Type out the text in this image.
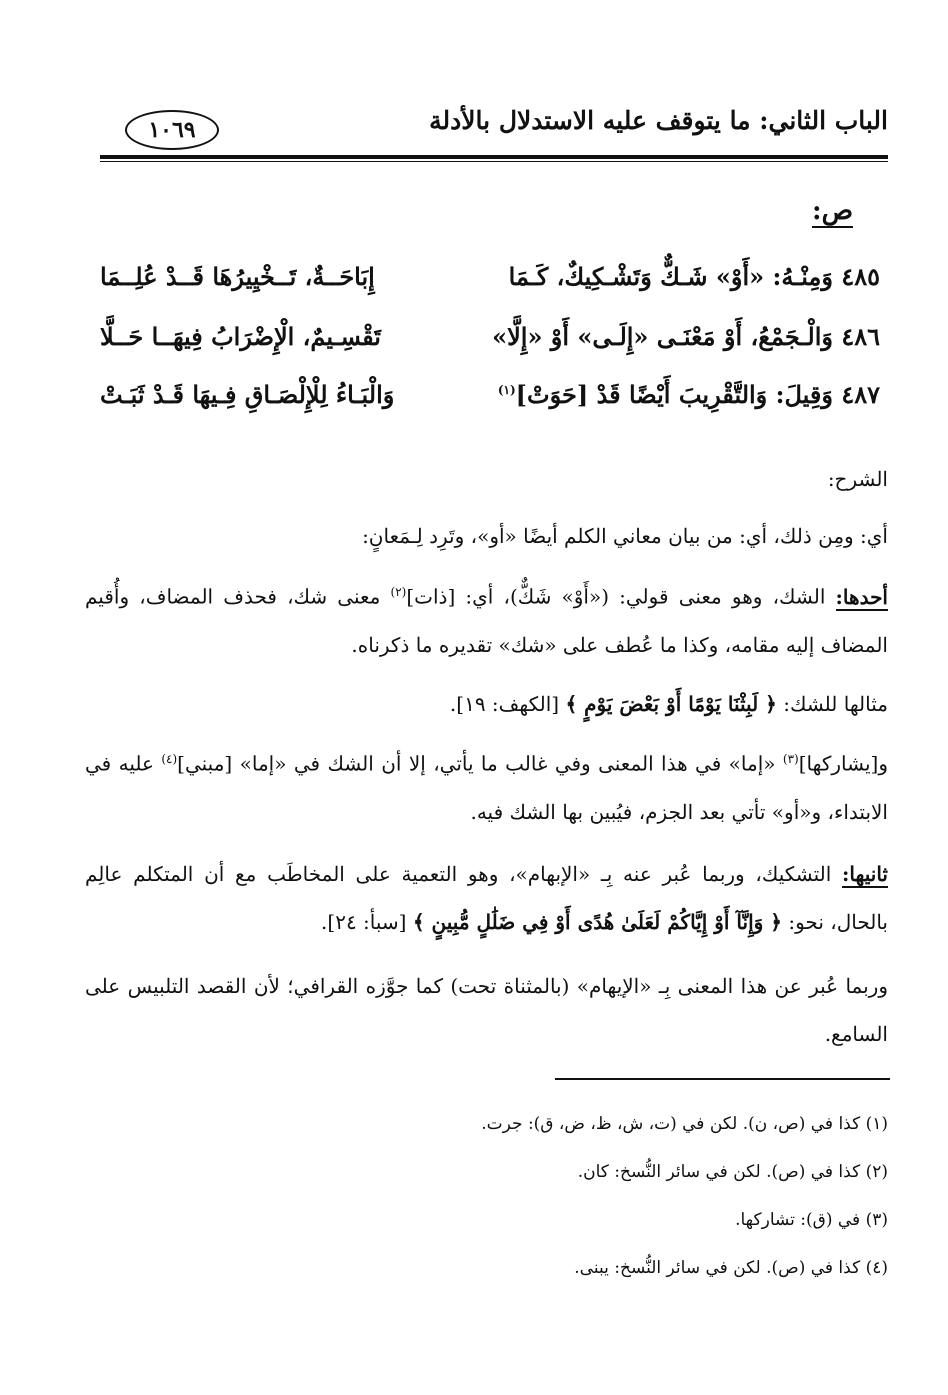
الباب الثاني: ما يتوقف عليه الاستدلال بالأدلة
١٠٦٩
ص:
٤٨٥ وَمِنْـهُ: «أَوْ» شَـكٌّ وَتَشْـكِيكٌ، كَـمَا
إِبَاحَــةٌ، تَــخْيِيرُهَا قَــدْ عُلِــمَا
٤٨٦ وَالْـجَمْعُ، أَوْ مَعْنَـى «إِلَـى» أَوْ «إِلَّا»
تَقْسِـيمٌ، الْإِضْرَابُ فِيهَــا حَــلَّا
٤٨٧ وَقِيلَ: وَالتَّقْرِيبَ أَيْضًا قَدْ [حَوَتْ]$^{(١)}$
وَالْبَـاءُ لِلْإِلْصَـاقِ فِـيهَا قَـدْ ثَبَـتْ
الشرح:
أي: ومِن ذلك، أي: من بيان معاني الكلم أيضًا «أو»، وتَرِد لِـمَعانٍ:
أحدها: الشك، وهو معنى قولي: («أَوْ» شَكٌّ)، أي: [ذات]$^{(٢)}$ معنى شك، فحذف المضاف، وأُقيم المضاف إليه مقامه، وكذا ما عُطف على «شك» تقديره ما ذكرناه.
مثالها للشك: ﴿ لَبِثْنَا يَوْمًا أَوْ بَعْضَ يَوْمٍ ﴾ [الكهف: ١٩].
و[يشاركها]$^{(٣)}$ «إما» في هذا المعنى وفي غالب ما يأتي، إلا أن الشك في «إما» [مبني]$^{(٤)}$ عليه في الابتداء، و«أو» تأتي بعد الجزم، فيُبين بها الشك فيه.
ثانيها: التشكيك، وربما عُبر عنه بِـ «الإبهام»، وهو التعمية على المخاطَب مع أن المتكلم عالِم بالحال، نحو: ﴿ وَإِنَّآ أَوْ إِيَّاكُمْ لَعَلَىٰ هُدًى أَوْ فِي ضَلَٰلٍ مُّبِينٍ ﴾ [سبأ: ٢٤].
وربما عُبر عن هذا المعنى بِـ «الإيهام» (بالمثناة تحت) كما جوَّزه القرافي؛ لأن القصد التلبيس على السامع.
(١) كذا في (ص، ن). لكن في (ت، ش، ظ، ض، ق): جرت.
(٢) كذا في (ص). لكن في سائر النُّسخ: كان.
(٣) في (ق): تشاركها.
(٤) كذا في (ص). لكن في سائر النُّسخ: يبنى.
